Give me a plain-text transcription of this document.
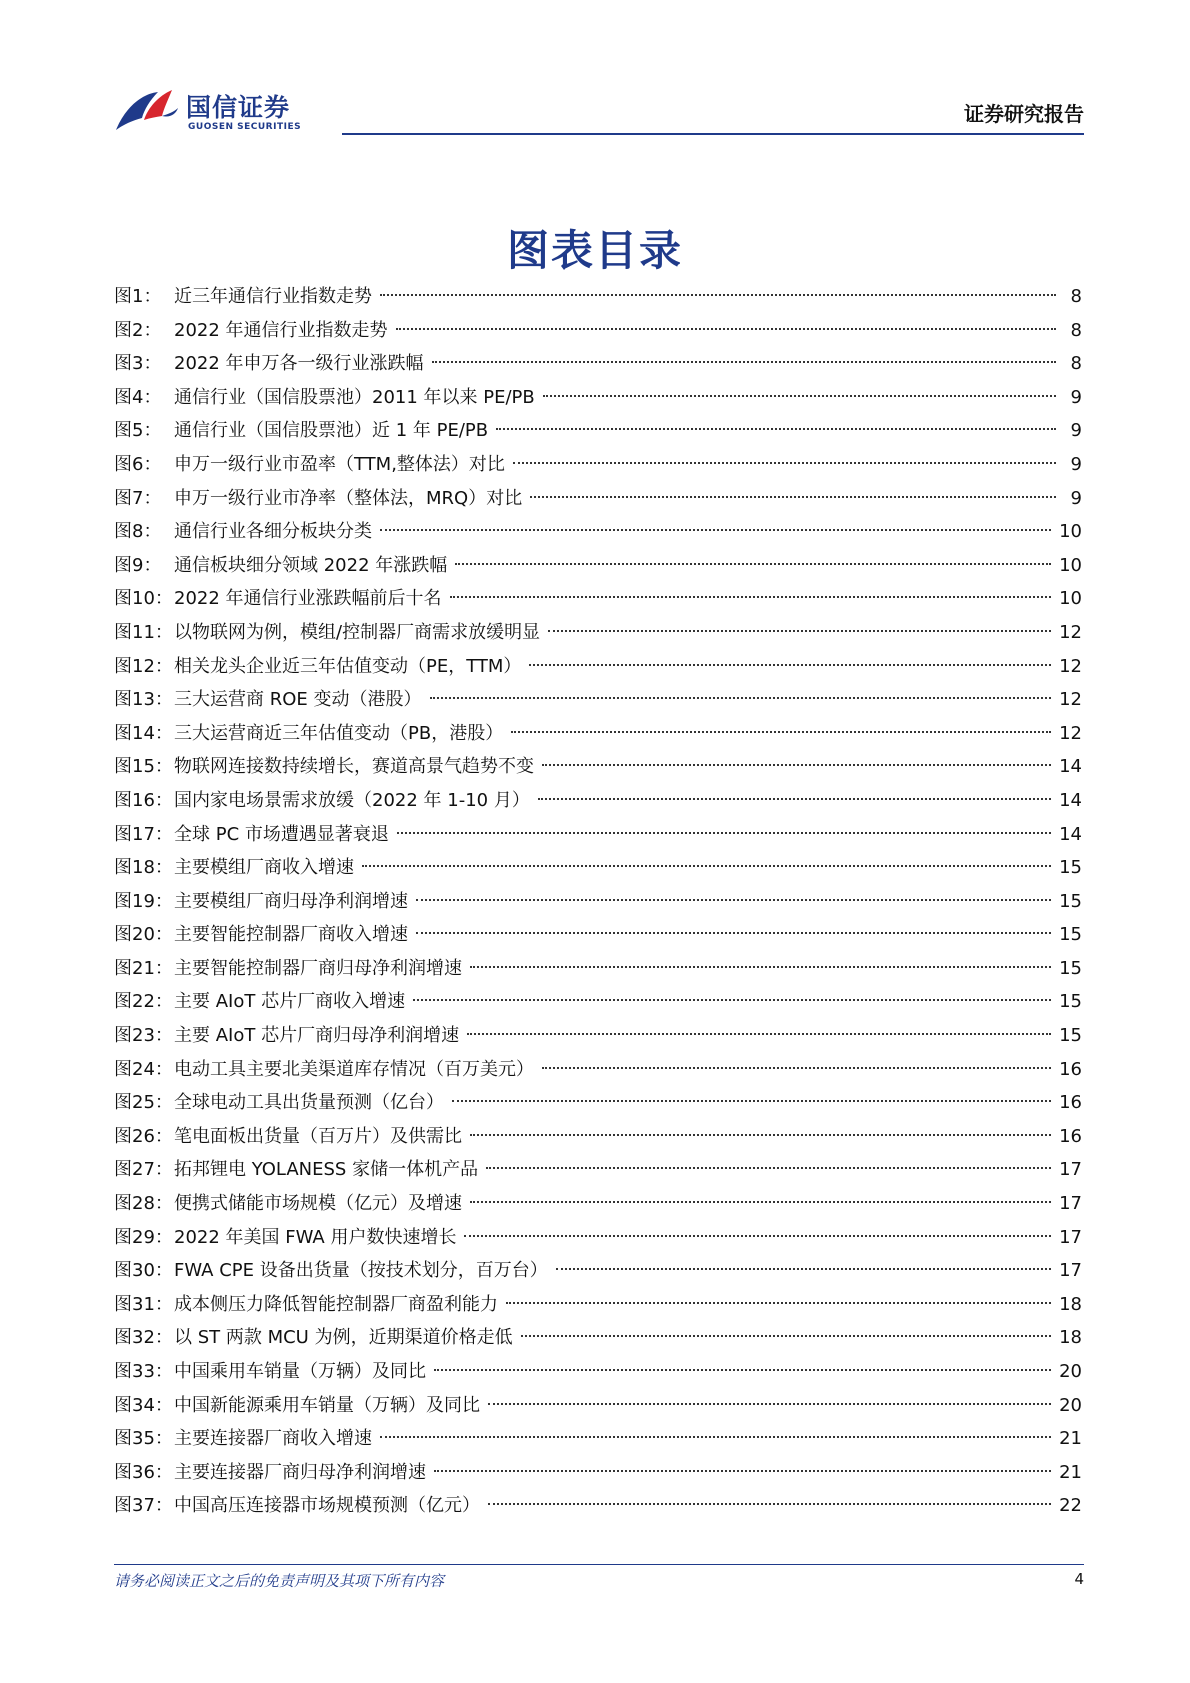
国信证券
GUOSEN SECURITIES
证券研究报告
图表目录
图1： 近三年通信行业指数走势	8
图2： 2022 年通信行业指数走势	8
图3： 2022 年申万各一级行业涨跌幅	8
图4： 通信行业（国信股票池）2011 年以来 PE/PB	9
图5： 通信行业（国信股票池）近 1 年 PE/PB	9
图6： 申万一级行业市盈率（TTM,整体法）对比	9
图7： 申万一级行业市净率（整体法，MRQ）对比	9
图8： 通信行业各细分板块分类	10
图9： 通信板块细分领域 2022 年涨跌幅	10
图10：2022 年通信行业涨跌幅前后十名	10
图11：以物联网为例，模组/控制器厂商需求放缓明显	12
图12：相关龙头企业近三年估值变动（PE，TTM）	12
图13：三大运营商 ROE 变动（港股）	12
图14：三大运营商近三年估值变动（PB，港股）	12
图15：物联网连接数持续增长，赛道高景气趋势不变	14
图16：国内家电场景需求放缓（2022 年 1-10 月）	14
图17：全球 PC 市场遭遇显著衰退	14
图18：主要模组厂商收入增速	15
图19：主要模组厂商归母净利润增速	15
图20：主要智能控制器厂商收入增速	15
图21：主要智能控制器厂商归母净利润增速	15
图22：主要 AIoT 芯片厂商收入增速	15
图23：主要 AIoT 芯片厂商归母净利润增速	15
图24：电动工具主要北美渠道库存情况（百万美元）	16
图25：全球电动工具出货量预测（亿台）	16
图26：笔电面板出货量（百万片）及供需比	16
图27：拓邦锂电 YOLANESS 家储一体机产品	17
图28：便携式储能市场规模（亿元）及增速	17
图29：2022 年美国 FWA 用户数快速增长	17
图30：FWA CPE 设备出货量（按技术划分，百万台）	17
图31：成本侧压力降低智能控制器厂商盈利能力	18
图32：以 ST 两款 MCU 为例，近期渠道价格走低	18
图33：中国乘用车销量（万辆）及同比	20
图34：中国新能源乘用车销量（万辆）及同比	20
图35：主要连接器厂商收入增速	21
图36：主要连接器厂商归母净利润增速	21
图37：中国高压连接器市场规模预测（亿元）	22
请务必阅读正文之后的免责声明及其项下所有内容	4
